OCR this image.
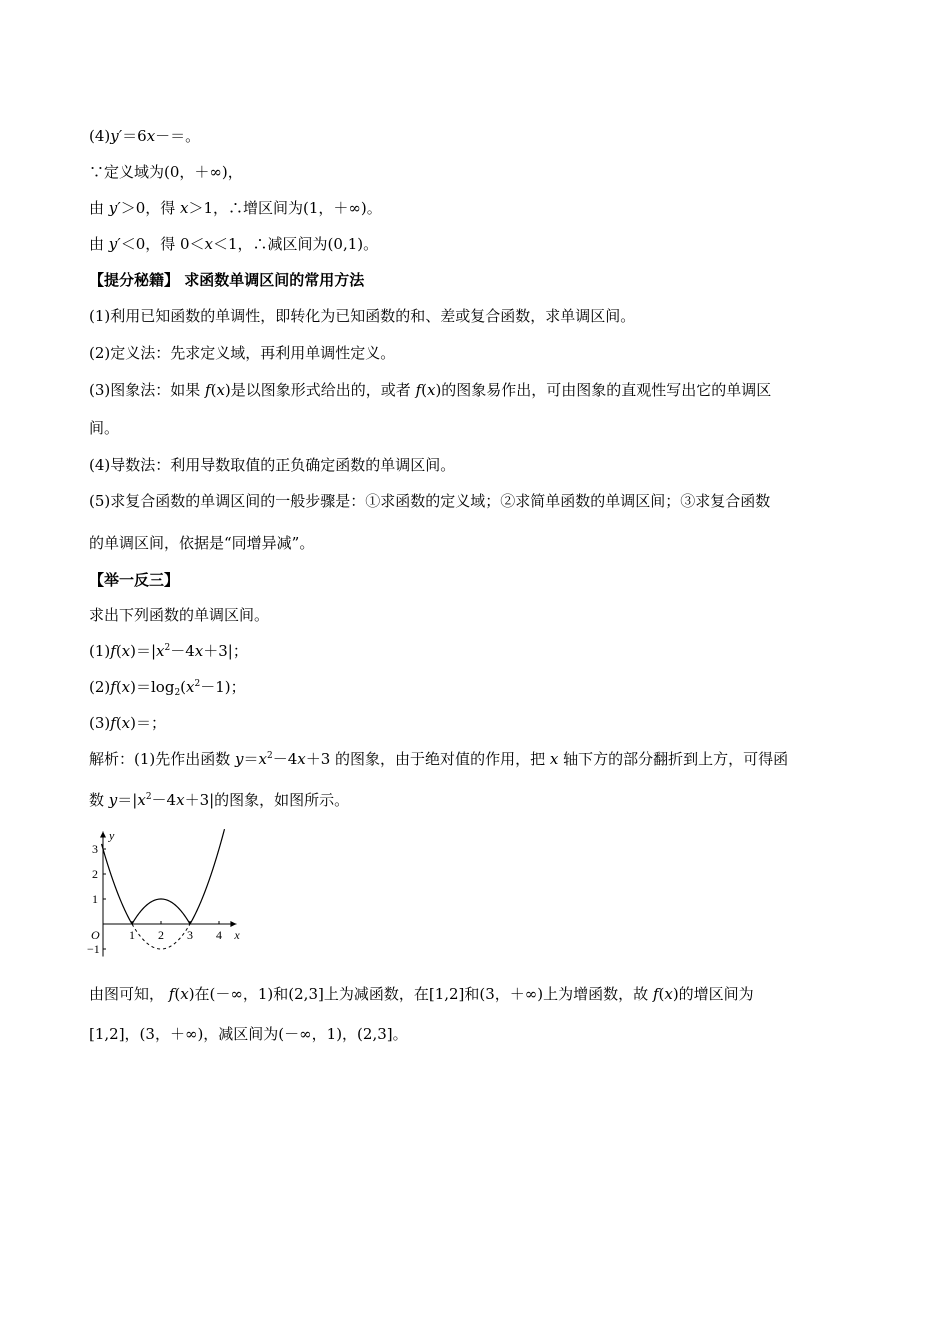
(4)y′＝6x－＝。
∵定义域为(0，＋∞)，
由 y′＞0，得 x＞1，∴增区间为(1，＋∞)。
由 y′＜0，得 0＜x＜1，∴减区间为(0,1)。
【提分秘籍】 求函数单调区间的常用方法
(1)利用已知函数的单调性，即转化为已知函数的和、差或复合函数，求单调区间。
(2)定义法：先求定义域，再利用单调性定义。
(3)图象法：如果 f(x)是以图象形式给出的，或者 f(x)的图象易作出，可由图象的直观性写出它的单调区
间。
(4)导数法：利用导数取值的正负确定函数的单调区间。
(5)求复合函数的单调区间的一般步骤是：①求函数的定义域；②求简单函数的单调区间；③求复合函数
的单调区间，依据是“同增异减”。
【举一反三】
求出下列函数的单调区间。
$(1)f(x)=|x^2-4x+3|$；
$(2)f(x)=\log_2(x^2-1)$；
(3)f(x)＝；
解析：(1)先作出函数 $y=x^2-4x+3$ 的图象，由于绝对值的作用，把 x 轴下方的部分翻折到上方，可得函
数 $y=|x^2-4x+3|$的图象，如图所示。
x
y
O 1 2 3 4
3
2
1
−1
由图可知， f(x)在(－∞，1)和(2,3]上为减函数，在[1,2]和(3，＋∞)上为增函数，故 f(x)的增区间为
[1,2]，(3，＋∞)，减区间为(－∞，1)，(2,3]。
